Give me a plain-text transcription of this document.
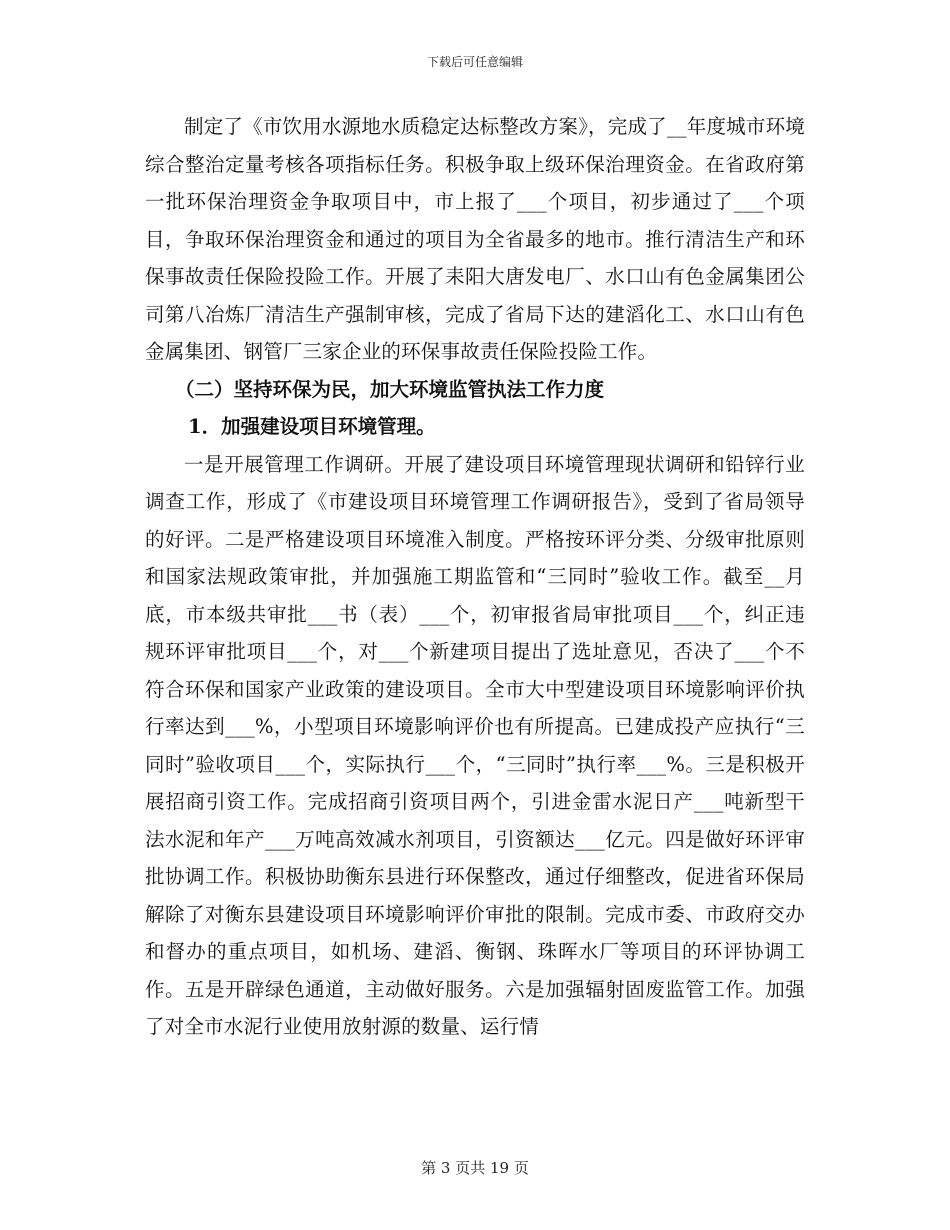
下载后可任意编辑

制定了《市饮用水源地水质稳定达标整改方案》，完成了__年度城市环境综合整治定量考核各项指标任务。积极争取上级环保治理资金。在省政府第一批环保治理资金争取项目中，市上报了___个项目，初步通过了___个项目，争取环保治理资金和通过的项目为全省最多的地市。推行清洁生产和环保事故责任保险投险工作。开展了耒阳大唐发电厂、水口山有色金属集团公司第八冶炼厂清洁生产强制审核，完成了省局下达的建滔化工、水口山有色金属集团、钢管厂三家企业的环保事故责任保险投险工作。

（二）坚持环保为民，加大环境监管执法工作力度

1．加强建设项目环境管理。

一是开展管理工作调研。开展了建设项目环境管理现状调研和铅锌行业调查工作，形成了《市建设项目环境管理工作调研报告》，受到了省局领导的好评。二是严格建设项目环境准入制度。严格按环评分类、分级审批原则和国家法规政策审批，并加强施工期监管和“三同时”验收工作。截至__月底，市本级共审批___书（表）___个，初审报省局审批项目___个，纠正违规环评审批项目___个，对___个新建项目提出了选址意见，否决了___个不符合环保和国家产业政策的建设项目。全市大中型建设项目环境影响评价执行率达到___%，小型项目环境影响评价也有所提高。已建成投产应执行“三同时”验收项目___个，实际执行___个，“三同时”执行率___%。三是积极开展招商引资工作。完成招商引资项目两个，引进金雷水泥日产___吨新型干法水泥和年产___万吨高效减水剂项目，引资额达___亿元。四是做好环评审批协调工作。积极协助衡东县进行环保整改，通过仔细整改，促进省环保局解除了对衡东县建设项目环境影响评价审批的限制。完成市委、市政府交办和督办的重点项目，如机场、建滔、衡钢、珠晖水厂等项目的环评协调工作。五是开辟绿色通道，主动做好服务。六是加强辐射固废监管工作。加强了对全市水泥行业使用放射源的数量、运行情

第 3 页共 19 页
